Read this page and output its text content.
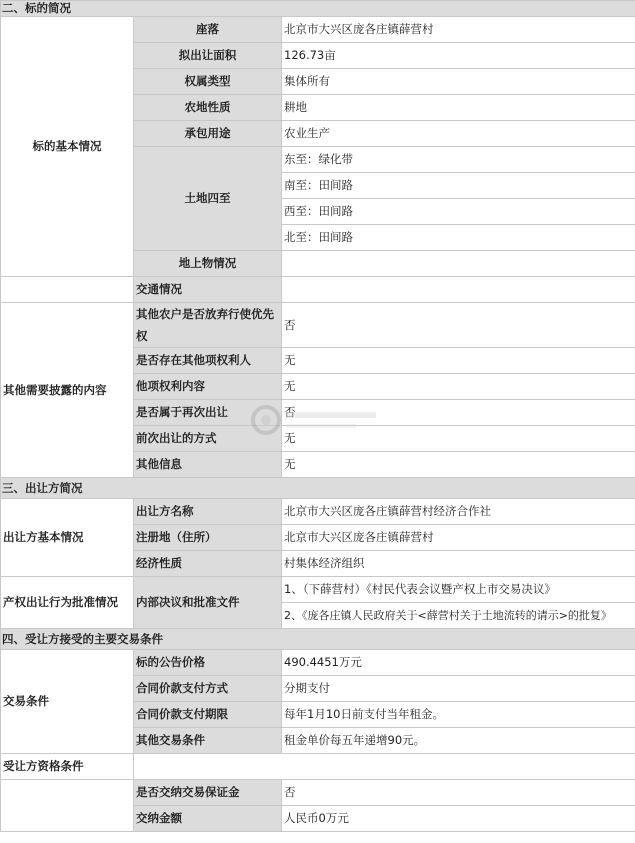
二、标的简况		
标的基本情况	座落	北京市大兴区庞各庄镇薛营村
	拟出让面积	126.73亩
	权属类型	集体所有
	农地性质	耕地
	承包用途	农业生产
	土地四至	东至：绿化带
		南至：田间路
		西至：田间路
		北至：田间路
	地上物情况	
	交通情况	
其他需要披露的内容	其他农户是否放弃行使优先权	否
	是否存在其他项权利人	无
	他项权利内容	无
	是否属于再次出让	否
	前次出让的方式	无
	其他信息	无
三、出让方简况		
出让方基本情况	出让方名称	北京市大兴区庞各庄镇薛营村经济合作社
	注册地（住所）	北京市大兴区庞各庄镇薛营村
	经济性质	村集体经济组织
产权出让行为批准情况	内部决议和批准文件	1、（下薛营村）《村民代表会议暨产权上市交易决议》
		2、《庞各庄镇人民政府关于<薛营村关于土地流转的请示>的批复》
四、受让方接受的主要交易条件		
交易条件	标的公告价格	490.4451万元
	合同价款支付方式	分期支付
	合同价款支付期限	每年1月10日前支付当年租金。
	其他交易条件	租金单价每五年递增90元。
受让方资格条件		
	是否交纳交易保证金	否
	交纳金额	人民币0万元
